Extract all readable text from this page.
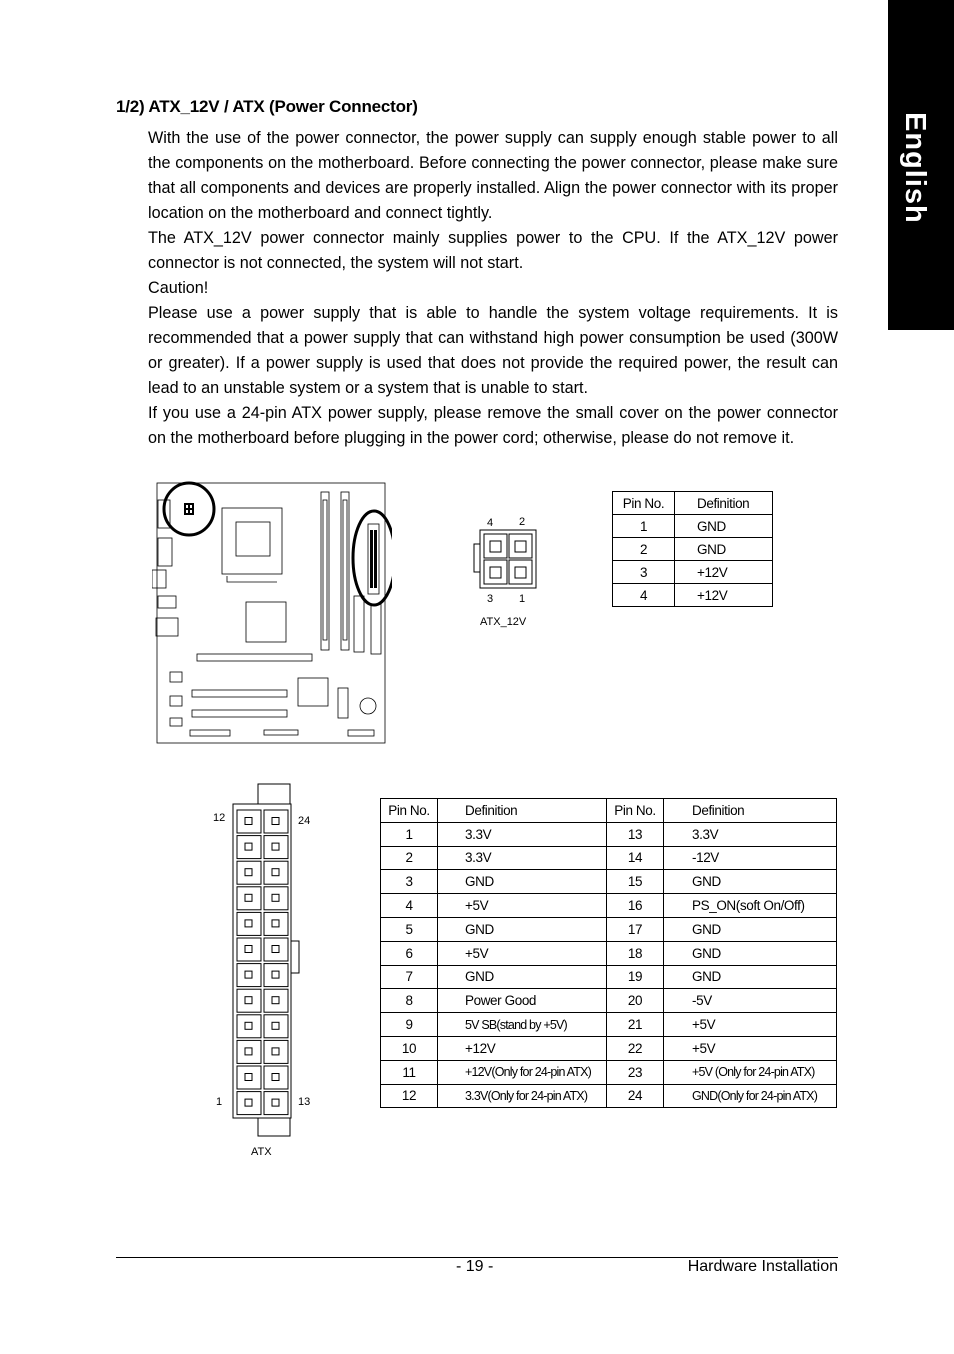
English
1/2) ATX_12V / ATX (Power Connector)

With the use of the power connector, the power supply can supply enough stable power to all the components on the motherboard. Before connecting the power connector, please make sure that all components and devices are properly installed. Align the power connector with its proper location on the motherboard and connect tightly.

The ATX_12V power connector mainly supplies power to the CPU. If the ATX_12V power connector is not connected, the system will not start.

Caution!

Please use a power supply that is able to handle the system voltage requirements. It is recommended that a power supply that can withstand high power consumption be used (300W or greater). If a power supply is used that does not provide the required power, the result can lead to an unstable system or a system that is unable to start.

If you use a 24-pin ATX power supply, please remove the small cover on the power connector on the motherboard before plugging in the power cord; otherwise, please do not remove it.

4 2
3 1
ATX_12V
Pin No.	Definition
1	GND
2	GND
3	+12V
4	+12V
12	24
1	13
ATX
Pin No.	Definition	Pin No.	Definition
1	3.3V	13	3.3V
2	3.3V	14	-12V
3	GND	15	GND
4	+5V	16	PS_ON(soft On/Off)
5	GND	17	GND
6	+5V	18	GND
7	GND	19	GND
8	Power Good	20	-5V
9	5V SB(stand by +5V)	21	+5V
10	+12V	22	+5V
11	+12V(Only for 24-pin ATX)	23	+5V (Only for 24-pin ATX)
12	3.3V(Only for 24-pin ATX)	24	GND(Only for 24-pin ATX)
- 19 -	Hardware Installation
